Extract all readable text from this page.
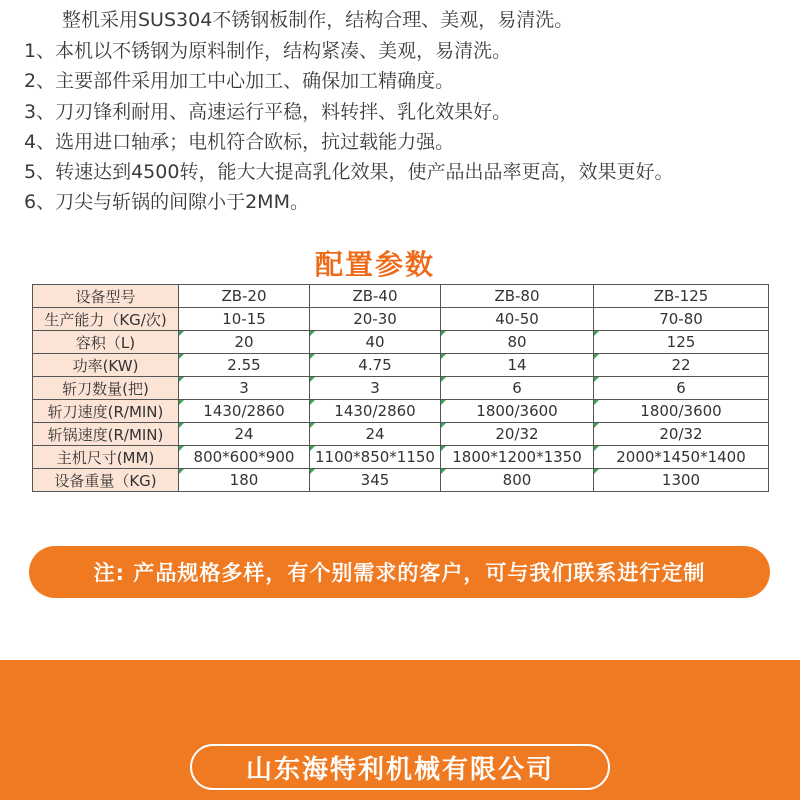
整机采用SUS304不锈钢板制作，结构合理、美观，易清洗。
1、本机以不锈钢为原料制作，结构紧凑、美观，易清洗。
2、主要部件采用加工中心加工、确保加工精确度。
3、刀刃锋利耐用、高速运行平稳，料转拌、乳化效果好。
4、选用进口轴承；电机符合欧标，抗过载能力强。
5、转速达到4500转，能大大提高乳化效果，使产品出品率更高，效果更好。
6、刀尖与斩锅的间隙小于2MM。
配置参数
设备型号	ZB-20	ZB-40	ZB-80	ZB-125
生产能力（KG/次)	10-15	20-30	40-50	70-80
容积（L)	20	40	80	125
功率(KW)	2.55	4.75	14	22
斩刀数量(把)	3	3	6	6
斩刀速度(R/MIN)	1430/2860	1430/2860	1800/3600	1800/3600
斩锅速度(R/MIN)	24	24	20/32	20/32
主机尺寸(MM)	800*600*900	1100*850*1150	1800*1200*1350	2000*1450*1400
设备重量（KG)	180	345	800	1300
注: 产品规格多样，有个别需求的客户，可与我们联系进行定制
山东海特利机械有限公司
